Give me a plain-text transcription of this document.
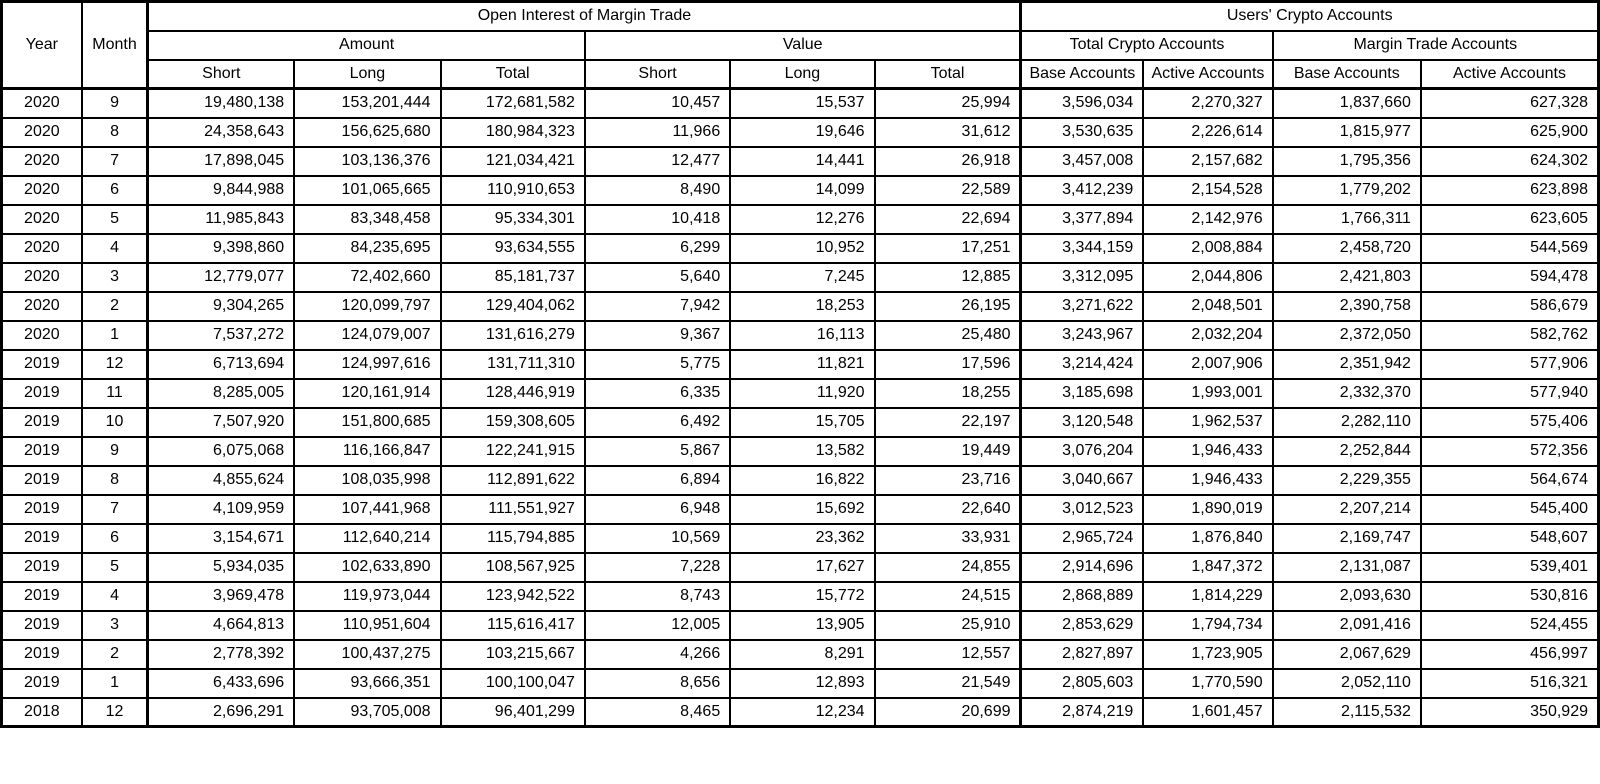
Year	Month	Open Interest of Margin Trade						Users' Crypto Accounts			
		Amount			Value			Total Crypto Accounts		Margin Trade Accounts	
		Short	Long	Total	Short	Long	Total	Base Accounts	Active Accounts	Base Accounts	Active Accounts
2020	9	19,480,138	153,201,444	172,681,582	10,457	15,537	25,994	3,596,034	2,270,327	1,837,660	627,328
2020	8	24,358,643	156,625,680	180,984,323	11,966	19,646	31,612	3,530,635	2,226,614	1,815,977	625,900
2020	7	17,898,045	103,136,376	121,034,421	12,477	14,441	26,918	3,457,008	2,157,682	1,795,356	624,302
2020	6	9,844,988	101,065,665	110,910,653	8,490	14,099	22,589	3,412,239	2,154,528	1,779,202	623,898
2020	5	11,985,843	83,348,458	95,334,301	10,418	12,276	22,694	3,377,894	2,142,976	1,766,311	623,605
2020	4	9,398,860	84,235,695	93,634,555	6,299	10,952	17,251	3,344,159	2,008,884	2,458,720	544,569
2020	3	12,779,077	72,402,660	85,181,737	5,640	7,245	12,885	3,312,095	2,044,806	2,421,803	594,478
2020	2	9,304,265	120,099,797	129,404,062	7,942	18,253	26,195	3,271,622	2,048,501	2,390,758	586,679
2020	1	7,537,272	124,079,007	131,616,279	9,367	16,113	25,480	3,243,967	2,032,204	2,372,050	582,762
2019	12	6,713,694	124,997,616	131,711,310	5,775	11,821	17,596	3,214,424	2,007,906	2,351,942	577,906
2019	11	8,285,005	120,161,914	128,446,919	6,335	11,920	18,255	3,185,698	1,993,001	2,332,370	577,940
2019	10	7,507,920	151,800,685	159,308,605	6,492	15,705	22,197	3,120,548	1,962,537	2,282,110	575,406
2019	9	6,075,068	116,166,847	122,241,915	5,867	13,582	19,449	3,076,204	1,946,433	2,252,844	572,356
2019	8	4,855,624	108,035,998	112,891,622	6,894	16,822	23,716	3,040,667	1,946,433	2,229,355	564,674
2019	7	4,109,959	107,441,968	111,551,927	6,948	15,692	22,640	3,012,523	1,890,019	2,207,214	545,400
2019	6	3,154,671	112,640,214	115,794,885	10,569	23,362	33,931	2,965,724	1,876,840	2,169,747	548,607
2019	5	5,934,035	102,633,890	108,567,925	7,228	17,627	24,855	2,914,696	1,847,372	2,131,087	539,401
2019	4	3,969,478	119,973,044	123,942,522	8,743	15,772	24,515	2,868,889	1,814,229	2,093,630	530,816
2019	3	4,664,813	110,951,604	115,616,417	12,005	13,905	25,910	2,853,629	1,794,734	2,091,416	524,455
2019	2	2,778,392	100,437,275	103,215,667	4,266	8,291	12,557	2,827,897	1,723,905	2,067,629	456,997
2019	1	6,433,696	93,666,351	100,100,047	8,656	12,893	21,549	2,805,603	1,770,590	2,052,110	516,321
2018	12	2,696,291	93,705,008	96,401,299	8,465	12,234	20,699	2,874,219	1,601,457	2,115,532	350,929
